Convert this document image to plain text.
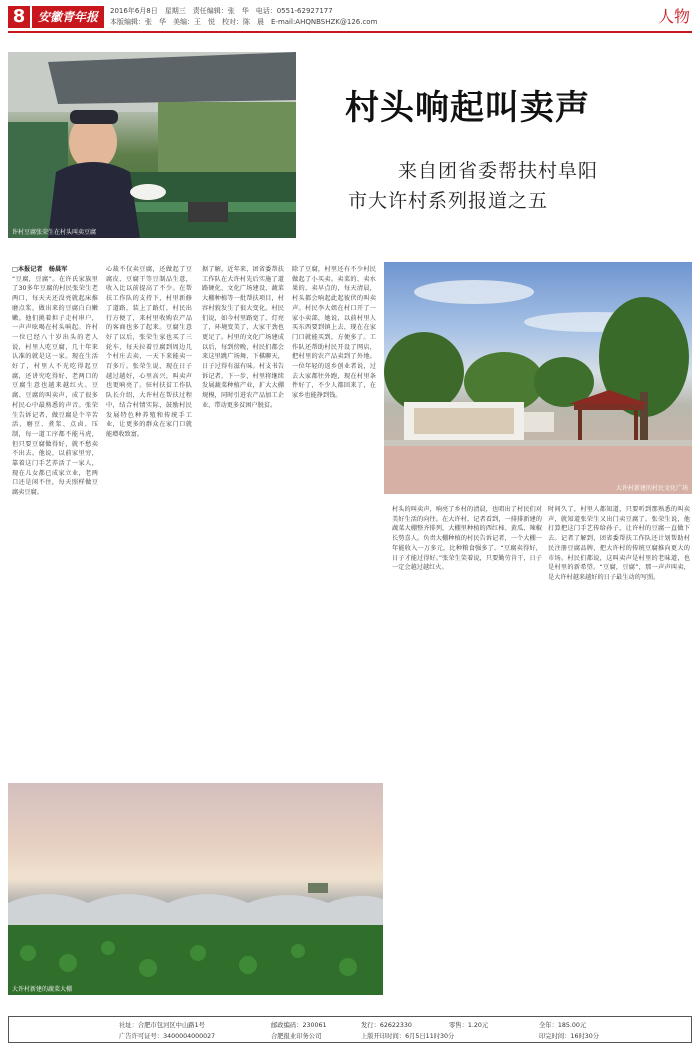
8	安徽青年报	2016年6月8日　星期三　责任编辑：张　华　电话：0551-62927177
本版编辑：张　华　美编：王　悦　校对：陈　晨　E-mail:AHQNBSHZK@126.com	人物
许村豆腐张荣生在村头叫卖豆腐
村头响起叫卖声
来自团省委帮扶村阜阳
市大许村系列报道之五
大许村新建的村民文化广场
大许村新建的蔬菜大棚
□本报记者　杨晨军
“豆腐，豆腐”。在许氏家族里了30多年豆腐的村民张荣生老两口，每天天还没亮就起床推磨点浆，做出来的豆腐白白嫩嫩。他们挑着担子走村串户，一声声吆喝在村头响起。许村一位已经八十岁出头的老人说，村里人吃豆腐，几十年来认准的就是这一家。现在生活好了，村里人不光吃得起豆腐，还讲究吃得好，老两口的豆腐生意也越来越红火。豆腐、豆腐的叫卖声，成了很多村民心中最熟悉的声音。张荣生告诉记者，做豆腐是个辛苦活，磨豆、煮浆、点卤、压制，每一道工序都不能马虎，但只要豆腐做得好，就不愁卖不出去。他说，以前家里穷，靠着这门手艺养活了一家人，现在儿女都已成家立业，老两口还是闲不住，每天照样做豆腐卖豆腐。
心裁不仅卖豆腐，还做起了豆腐皮、豆腐干等豆制品生意，收入比以前提高了不少。在帮扶工作队的支持下，村里新修了道路，装上了路灯，村民出行方便了，来村里收购农产品的客商也多了起来。豆腐生意好了以后，张荣生家也买了三轮车，每天拉着豆腐到周边几个村庄去卖，一天下来能卖一百多斤。张荣生说，现在日子越过越好，心里高兴，叫卖声也更响亮了。驻村扶贫工作队队长介绍，大许村在帮扶过程中，结合村情实际，鼓励村民发展特色种养殖和传统手工业，让更多的群众在家门口就能增收致富。
据了解，近年来，团省委帮扶工作队在大许村先后实施了道路硬化、文化广场建设、蔬菜大棚种植等一批帮扶项目，村容村貌发生了很大变化。村民们说，如今村里路宽了，灯亮了，环境变美了，大家干劲也更足了。村里的文化广场建成以后，每到傍晚，村民们都会来这里跳广场舞、下棋聊天，日子过得有滋有味。村支书告诉记者，下一步，村里将继续发展蔬菜种植产业，扩大大棚规模，同时引进农产品加工企业，带动更多贫困户脱贫。
除了豆腐，村里还有不少村民做起了小买卖。卖菜的、卖水果的、卖早点的，每天清晨，村头都会响起此起彼伏的叫卖声。村民李大姐在村口开了一家小卖部，她说，以前村里人买东西要到镇上去，现在在家门口就能买到，方便多了。工作队还帮助村民开设了网店，把村里的农产品卖到了外地。一位年轻的返乡创业者说，过去大家都往外跑，现在村里条件好了，不少人都回来了，在家乡也能挣到钱。
村头的叫卖声，响亮了乡村的清晨，也唱出了村民们对美好生活的向往。在大许村，记者看到，一排排新建的蔬菜大棚整齐排列，大棚里种植的西红柿、黄瓜、辣椒长势喜人。负责大棚种植的村民告诉记者，一个大棚一年能收入一万多元，比种粮食强多了。“豆腐卖得好，日子才能过得好。”张荣生笑着说，只要勤劳肯干，日子一定会越过越红火。
时间久了，村里人都知道，只要听到那熟悉的叫卖声，就知道张荣生又出门卖豆腐了。张荣生说，他打算把这门手艺传给孙子，让许村的豆腐一直做下去。记者了解到，团省委帮扶工作队还计划帮助村民注册豆腐品牌，把大许村的传统豆腐推向更大的市场。村民们都说，这叫卖声是村里的老味道，也是村里的新希望。“豆腐，豆腐”，那一声声叫卖，是大许村越来越好的日子最生动的写照。
社址：合肥市包河区中山路1号	邮政编码：230061	发行：62622330	零售：1.20元	全年：185.00元
广告许可证号：3400004000027	合肥报业印务公司	上版开印时间：6月5日11时30分	印完时间：16时30分
